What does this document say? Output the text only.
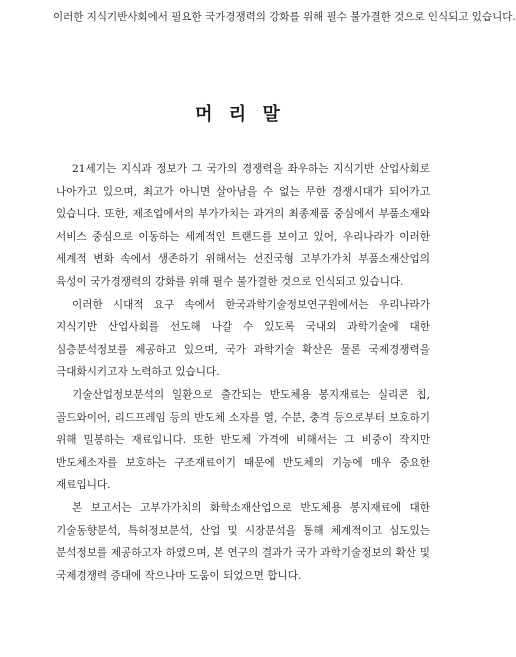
이러한 지식기반사회에서 필요한 국가경쟁력의 강화를 위해 필수 불가결한 것으로 인식되고 있습니다.

머 리 말

21세기는 지식과 정보가 그 국가의 경쟁력을 좌우하는 지식기반 산업사회로 나아가고 있으며, 최고가 아니면 살아남을 수 없는 무한 경쟁시대가 되어가고 있습니다. 또한, 제조업에서의 부가가치는 과거의 최종제품 중심에서 부품소재와 서비스 중심으로 이동하는 세계적인 트랜드를 보이고 있어, 우리나라가 이러한 세계적 변화 속에서 생존하기 위해서는 선진국형 고부가가치 부품소재산업의 육성이 국가경쟁력의 강화를 위해 필수 불가결한 것으로 인식되고 있습니다.

이러한 시대적 요구 속에서 한국과학기술정보연구원에서는 우리나라가 지식기반 산업사회를 선도해 나갈 수 있도록 국내외 과학기술에 대한 심층분석정보를 제공하고 있으며, 국가 과학기술 확산은 물론 국제경쟁력을 극대화시키고자 노력하고 있습니다.

기술산업정보분석의 일환으로 출간되는 반도체용 봉지재료는 실리콘 칩, 골드와이어, 리드프레임 등의 반도체 소자를 열, 수분, 충격 등으로부터 보호하기 위해 밀봉하는 재료입니다. 또한 반도체 가격에 비해서는 그 비중이 작지만 반도체소자를 보호하는 구조재료이기 때문에 반도체의 기능에 매우 중요한 재료입니다.

본 보고서는 고부가가치의 화학소재산업으로 반도체용 봉지재료에 대한 기술동향분석, 특허정보분석, 산업 및 시장분석을 통해 체계적이고 심도있는 분석정보를 제공하고자 하였으며, 본 연구의 결과가 국가 과학기술정보의 확산 및 국제경쟁력 증대에 작으나마 도움이 되었으면 합니다.
